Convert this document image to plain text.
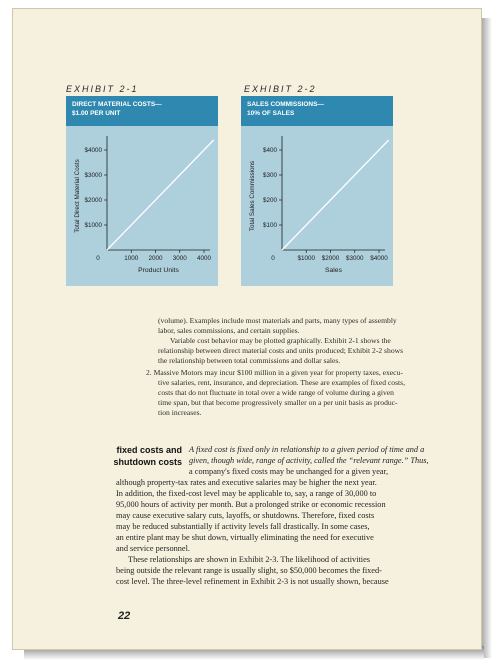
EXHIBIT 2-1
DIRECT MATERIAL COSTS—
$1.00 PER UNIT
0	1000 2000 3000 4000
$1000
$2000
$3000
$4000
Product Units
Total Direct Material Costs
EXHIBIT 2-2
SALES COMMISSIONS—
10% OF SALES
0	$1000 $2000 $3000 $4000
$100
$200
$300
$400
Sales
Total Sales Commissions
(volume). Examples include most materials and parts, many types of assembly
labor, sales commissions, and certain supplies.
Variable cost behavior may be plotted graphically. Exhibit 2-1 shows the
relationship between direct material costs and units produced; Exhibit 2-2 shows
the relationship between total commissions and dollar sales.
2. Massive Motors may incur $100 million in a given year for property taxes, execu-
tive salaries, rent, insurance, and depreciation. These are examples of fixed costs,
costs that do not fluctuate in total over a wide range of volume during a given
time span, but that become progressively smaller on a per unit basis as produc-
tion increases.
fixed costs and
shutdown costs
A fixed cost is fixed only in relationship to a given period of time and a
given, though wide, range of activity, called the “relevant range.” Thus,
a company's fixed costs may be unchanged for a given year,
although property-tax rates and executive salaries may be higher the next year.
In addition, the fixed-cost level may be applicable to, say, a range of 30,000 to
95,000 hours of activity per month. But a prolonged strike or economic recession
may cause executive salary cuts, layoffs, or shutdowns. Therefore, fixed costs
may be reduced substantially if activity levels fall drastically. In some cases,
an entire plant may be shut down, virtually eliminating the need for executive
and service personnel.
These relationships are shown in Exhibit 2-3. The likelihood of activities
being outside the relevant range is usually slight, so $50,000 becomes the fixed-
cost level. The three-level refinement in Exhibit 2-3 is not usually shown, because
22
